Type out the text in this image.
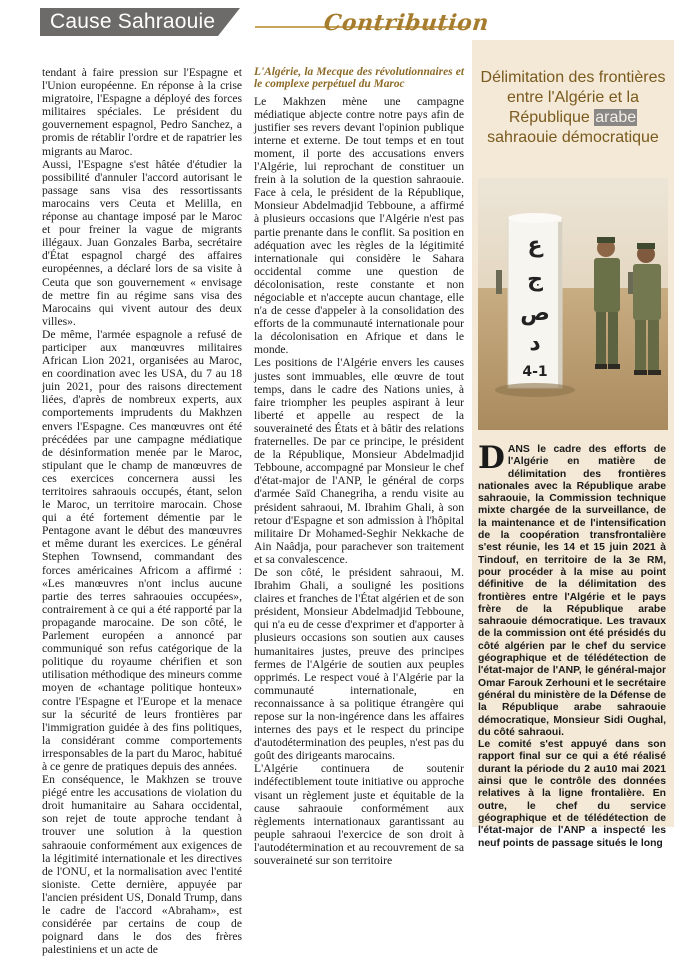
Cause Sahraouie	Contribution

tendant à faire pression sur l'Espagne et l'Union européenne. En réponse à la crise migratoire, l'Espagne a déployé des forces militaires spéciales. Le président du gouvernement espagnol, Pedro Sanchez, a promis de rétablir l'ordre et de rapatrier les migrants au Maroc.

Aussi, l'Espagne s'est hâtée d'étudier la possibilité d'annuler l'accord autorisant le passage sans visa des ressortissants marocains vers Ceuta et Melilla, en réponse au chantage imposé par le Maroc et pour freiner la vague de migrants illégaux. Juan Gonzales Barba, secrétaire d'État espagnol chargé des affaires européennes, a déclaré lors de sa visite à Ceuta que son gouvernement « envisage de mettre fin au régime sans visa des Marocains qui vivent autour des deux villes».

De même, l'armée espagnole a refusé de participer aux manœuvres militaires African Lion 2021, organisées au Maroc, en coordination avec les USA, du 7 au 18 juin 2021, pour des raisons directement liées, d'après de nombreux experts, aux comportements imprudents du Makhzen envers l'Espagne. Ces manœuvres ont été précédées par une campagne médiatique de désinformation menée par le Maroc, stipulant que le champ de manœuvres de ces exercices concernera aussi les territoires sahraouis occupés, étant, selon le Maroc, un territoire marocain. Chose qui a été fortement démentie par le Pentagone avant le début des manœuvres et même durant les exercices. Le général Stephen Townsend, commandant des forces américaines Africom a affirmé : «Les manœuvres n'ont inclus aucune partie des terres sahraouies occupées», contrairement à ce qui a été rapporté par la propagande marocaine. De son côté, le Parlement européen a annoncé par communiqué son refus catégorique de la politique du royaume chérifien et son utilisation méthodique des mineurs comme moyen de «chantage politique honteux» contre l'Espagne et l'Europe et la menace sur la sécurité de leurs frontières par l'immigration guidée à des fins politiques, la considérant comme comportements irresponsables de la part du Maroc, habitué à ce genre de pratiques depuis des années.

En conséquence, le Makhzen se trouve piégé entre les accusations de violation du droit humanitaire au Sahara occidental, son rejet de toute approche tendant à trouver une solution à la question sahraouie conformément aux exigences de la légitimité internationale et les directives de l'ONU, et la normalisation avec l'entité sioniste. Cette dernière, appuyée par l'ancien président US, Donald Trump, dans le cadre de l'accord «Abraham», est considérée par certains de coup de poignard dans le dos des frères palestiniens et un acte de

L'Algérie, la Mecque des révolutionnaires et le complexe perpétuel du Maroc

Le Makhzen mène une campagne médiatique abjecte contre notre pays afin de justifier ses revers devant l'opinion publique interne et externe. De tout temps et en tout moment, il porte des accusations envers l'Algérie, lui reprochant de constituer un frein à la solution de la question sahraouie. Face à cela, le président de la République, Monsieur Abdelmadjid Tebboune, a affirmé à plusieurs occasions que l'Algérie n'est pas partie prenante dans le conflit. Sa position en adéquation avec les règles de la légitimité internationale qui considère le Sahara occidental comme une question de décolonisation, reste constante et non négociable et n'accepte aucun chantage, elle n'a de cesse d'appeler à la consolidation des efforts de la communauté internationale pour la décolonisation en Afrique et dans le monde.

Les positions de l'Algérie envers les causes justes sont immuables, elle œuvre de tout temps, dans le cadre des Nations unies, à faire triompher les peuples aspirant à leur liberté et appelle au respect de la souveraineté des États et à bâtir des relations fraternelles. De par ce principe, le président de la République, Monsieur Abdelmadjid Tebboune, accompagné par Monsieur le chef d'état-major de l'ANP, le général de corps d'armée Saïd Chanegriha, a rendu visite au président sahraoui, M. Ibrahim Ghali, à son retour d'Espagne et son admission à l'hôpital militaire Dr Mohamed-Seghir Nekkache de Ain Naâdja, pour parachever son traitement et sa convalescence.

De son côté, le président sahraoui, M. Ibrahim Ghali, a souligné les positions claires et franches de l'État algérien et de son président, Monsieur Abdelmadjid Tebboune, qui n'a eu de cesse d'exprimer et d'apporter à plusieurs occasions son soutien aux causes humanitaires justes, preuve des principes fermes de l'Algérie de soutien aux peuples opprimés. Le respect voué à l'Algérie par la communauté internationale, en reconnaissance à sa politique étrangère qui repose sur la non-ingérence dans les affaires internes des pays et le respect du principe d'autodétermination des peuples, n'est pas du goût des dirigeants marocains.

L'Algérie continuera de soutenir indéfectiblement toute initiative ou approche visant un règlement juste et équitable de la cause sahraouie conformément aux règlements internationaux garantissant au peuple sahraoui l'exercice de son droit à l'autodétermination et au recouvrement de sa souveraineté sur son territoire

Délimitation des frontières entre l'Algérie et la République arabe sahraouie démocratique
ع
ج
ص
د
4-1

DANS le cadre des efforts de l'Algérie en matière de délimitation des frontières nationales avec la République arabe sahraouie, la Commission technique mixte chargée de la surveillance, de la maintenance et de l'intensification de la coopération transfrontalière s'est réunie, les 14 et 15 juin 2021 à Tindouf, en territoire de la 3e RM, pour procéder à la mise au point définitive de la délimitation des frontières entre l'Algérie et le pays frère de la République arabe sahraouie démocratique. Les travaux de la commission ont été présidés du côté algérien par le chef du service géographique et de télédétection de l'état-major de l'ANP, le général-major Omar Farouk Zerhouni et le secrétaire général du ministère de la Défense de la République arabe sahraouie démocratique, Monsieur Sidi Oughal, du côté sahraoui.

Le comité s'est appuyé dans son rapport final sur ce qui a été réalisé durant la période du 2 au10 mai 2021 ainsi que le contrôle des données relatives à la ligne frontalière. En outre, le chef du service géographique et de télédétection de l'état-major de l'ANP a inspecté les neuf points de passage situés le long
